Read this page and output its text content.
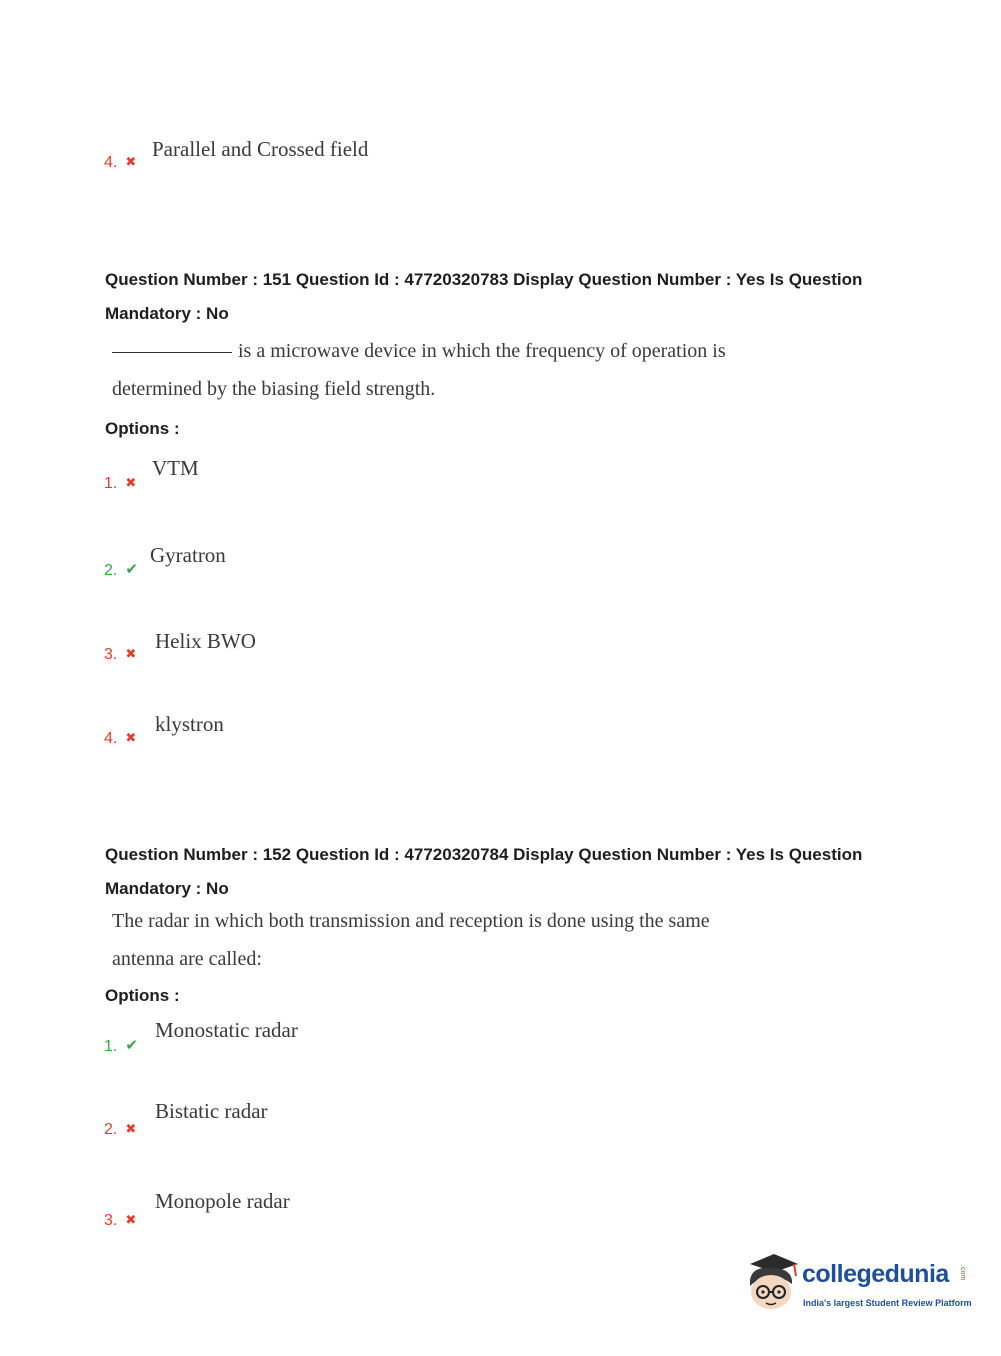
4. ✖
Parallel and Crossed field
Question Number : 151 Question Id : 47720320783 Display Question Number : Yes Is Question
Mandatory : No
is a microwave device in which the frequency of operation is
determined by the biasing field strength.
Options :
1. ✖
VTM
2. ✔
Gyratron
3. ✖
Helix BWO
4. ✖
klystron
Question Number : 152 Question Id : 47720320784 Display Question Number : Yes Is Question
Mandatory : No
The radar in which both transmission and reception is done using the same
antenna are called:
Options :
1. ✔
Monostatic radar
2. ✖
Bistatic radar
3. ✖
Monopole radar
collegedunia .com
India's largest Student Review Platform
